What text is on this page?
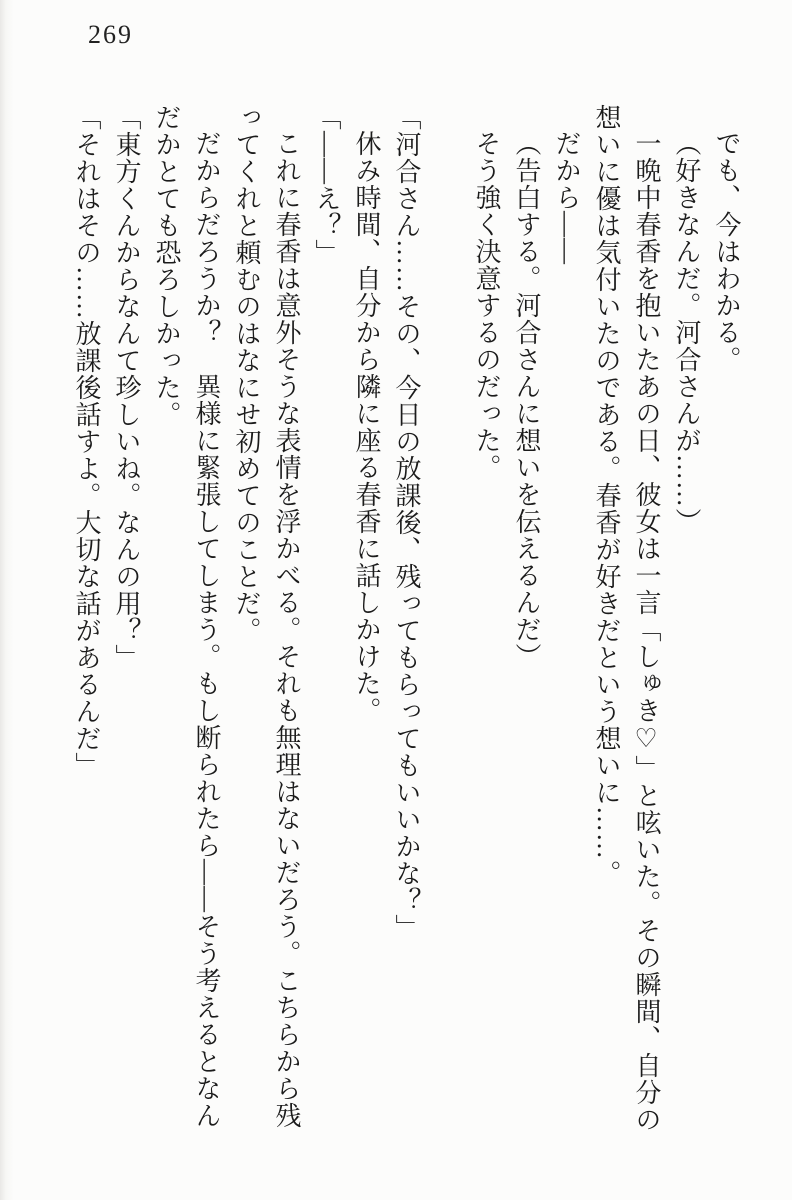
269

でも、今はわかる。

（好きなんだ。河合さんが……）

一晩中春香を抱いたあの日、彼女は一言「しゅき♡」と呟いた。その瞬間、自分の

想いに優は気付いたのである。春香が好きだという想いに……。

だから——

（告白する。河合さんに想いを伝えるんだ）

そう強く決意するのだった。

「河合さん……その、今日の放課後、残ってもらってもいいかな？」

休み時間、自分から隣に座る春香に話しかけた。

「——え？」

これに春香は意外そうな表情を浮かべる。それも無理はないだろう。こちらから残

ってくれと頼むのはなにせ初めてのことだ。

だからだろうか？　異様に緊張してしまう。もし断られたら——そう考えるとなん

だかとても恐ろしかった。

「東方くんからなんて珍しいね。なんの用？」

「それはその……放課後話すよ。大切な話があるんだ」
